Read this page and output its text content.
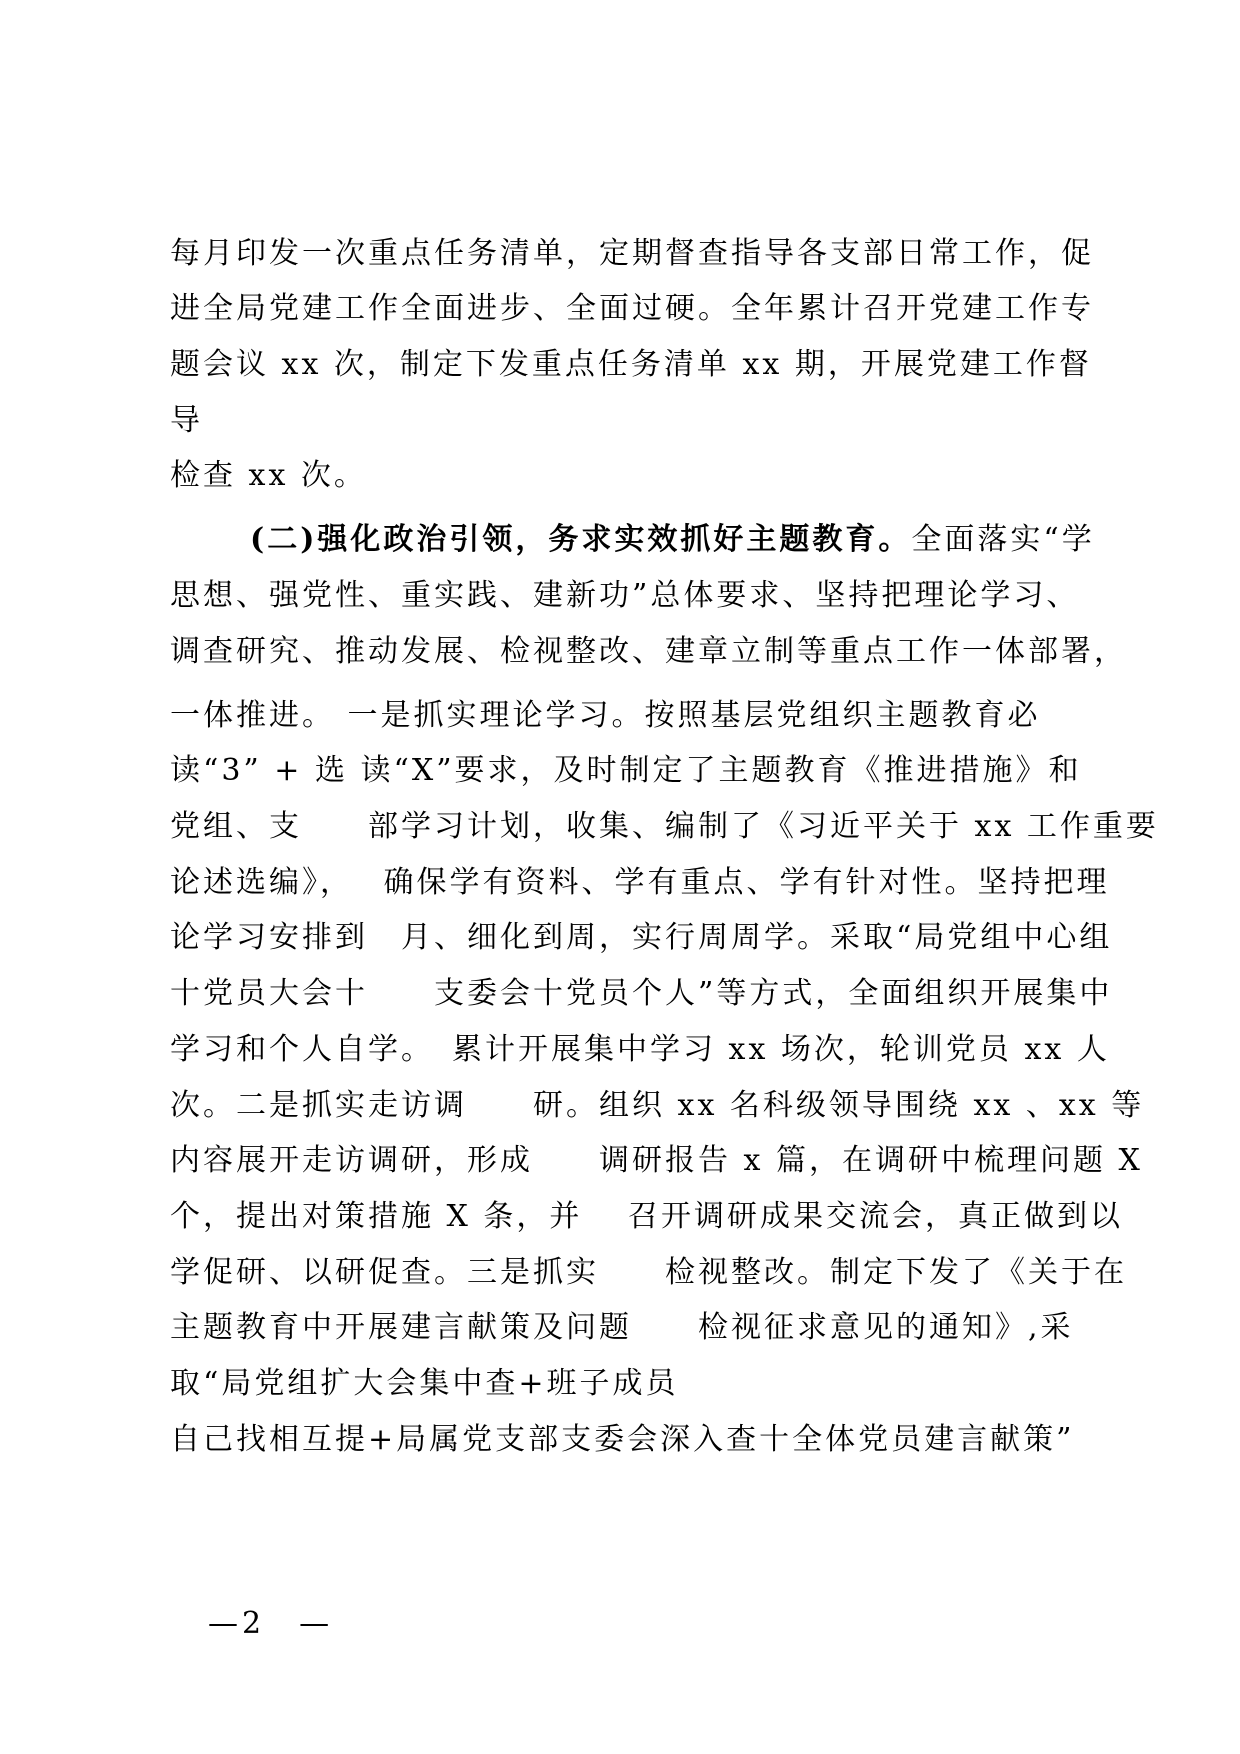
每月印发一次重点任务清单，定期督查指导各支部日常工作，促
进全局党建工作全面进步、全面过硬。全年累计召开党建工作专
题会议 xx 次，制定下发重点任务清单 xx 期，开展党建工作督
导
检查 xx 次。
(二)强化政治引领，务求实效抓好主题教育。全面落实“学
思想、强党性、重实践、建新功”总体要求、坚持把理论学习、
调查研究、推动发展、检视整改、建章立制等重点工作一体部署，
一体推进。 一是抓实理论学习。按照基层党组织主题教育必
读“3” + 选 读“X”要求，及时制定了主题教育《推进措施》和
党组、支　　部学习计划，收集、编制了《习近平关于 xx 工作重要
论述选编》，　 确保学有资料、学有重点、学有针对性。坚持把理
论学习安排到　月、细化到周，实行周周学。采取“局党组中心组
十党员大会十　　支委会十党员个人”等方式，全面组织开展集中
学习和个人自学。　累计开展集中学习 xx 场次，轮训党员 xx 人
次。二是抓实走访调　　研。组织 xx 名科级领导围绕 xx 、xx 等
内容展开走访调研，形成　　调研报告 x 篇，在调研中梳理问题 X
个，提出对策措施 X 条，并　 召开调研成果交流会，真正做到以
学促研、以研促查。三是抓实　　检视整改。制定下发了《关于在
主题教育中开展建言献策及问题　　检视征求意见的通知》,采
取“局党组扩大会集中查+班子成员
自己找相互提+局属党支部支委会深入查十全体党员建言献策”
—2　—
